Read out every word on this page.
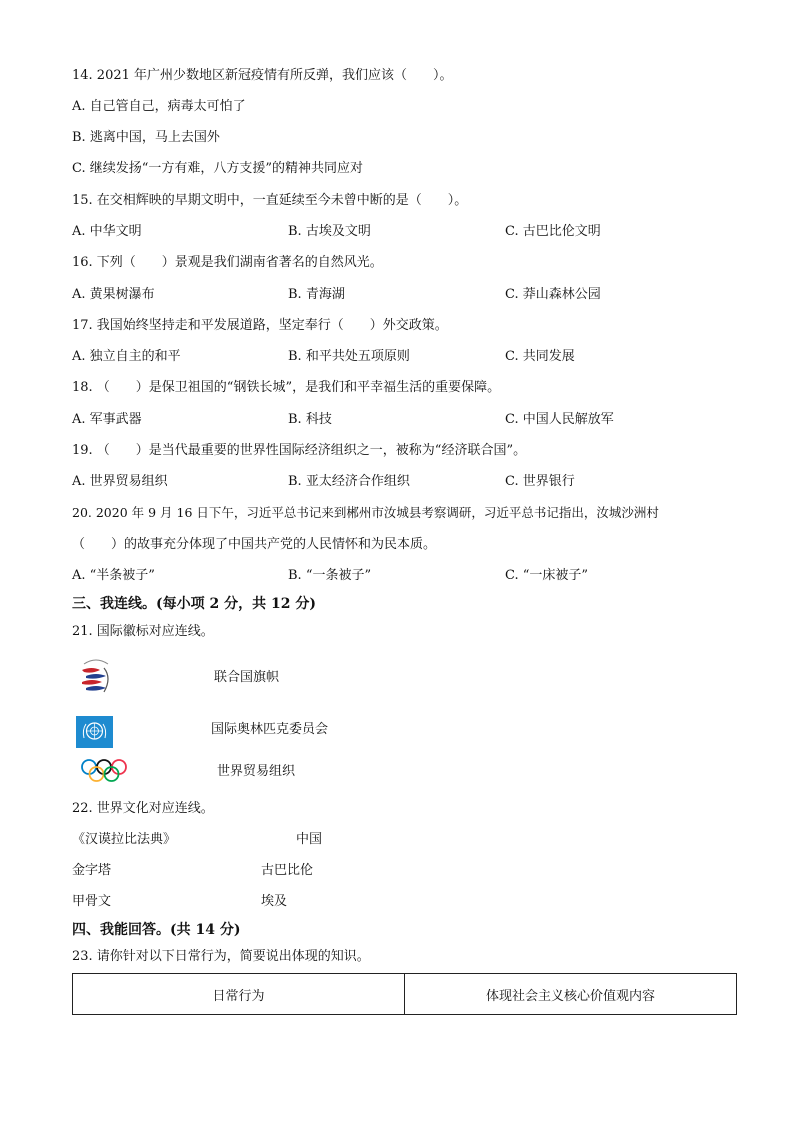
14. 2021 年广州少数地区新冠疫情有所反弹，我们应该（　　）。
A. 自己管自己，病毒太可怕了
B. 逃离中国，马上去国外
C. 继续发扬“一方有难，八方支援”的精神共同应对
15. 在交相辉映的早期文明中，一直延续至今未曾中断的是（　　）。
A. 中华文明	B. 古埃及文明	C. 古巴比伦文明
16. 下列（　　）景观是我们湖南省著名的自然风光。
A. 黄果树瀑布	B. 青海湖	C. 莽山森林公园
17. 我国始终坚持走和平发展道路，坚定奉行（　　）外交政策。
A. 独立自主的和平	B. 和平共处五项原则	C. 共同发展
18. （　　）是保卫祖国的“钢铁长城”，是我们和平幸福生活的重要保障。
A. 军事武器	B. 科技	C. 中国人民解放军
19. （　　）是当代最重要的世界性国际经济组织之一，被称为“经济联合国”。
A. 世界贸易组织	B. 亚太经济合作组织	C. 世界银行
20. 2020 年 9 月 16 日下午，习近平总书记来到郴州市汝城县考察调研，习近平总书记指出，汝城沙洲村
（　　）的故事充分体现了中国共产党的人民情怀和为民本质。
A. “半条被子”	B. “一条被子”	C. “一床被子”
三、我连线。(每小项 2 分，共 12 分)
21. 国际徽标对应连线。
联合国旗帜
国际奥林匹克委员会
世界贸易组织
22. 世界文化对应连线。
《汉谟拉比法典》	中国
金字塔	古巴比伦
甲骨文	埃及
四、我能回答。(共 14 分)
23. 请你针对以下日常行为，简要说出体现的知识。
日常行为	体现社会主义核心价值观内容
